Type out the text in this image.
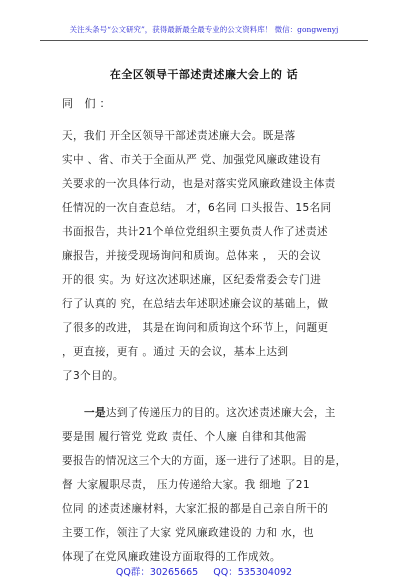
关注头条号“公文研究”，获得最新最全最专业的公文资料库！ 微信：gongwenyj
在全区领导干部述责述廉大会上的 话
同 们：
天，我们 开全区领导干部述责述廉大会。既是落
实中 、省、市关于全面从严 党、加强党风廉政建设有
关要求的一次具体行动，也是对落实党风廉政建设主体责
任情况的一次自查总结。 才，6名同 口头报告、15名同
书面报告，共计21个单位党组织主要负责人作了述责述
廉报告，并接受现场询问和质询。总体来 ， 天的会议
开的很 实。为 好这次述职述廉，区纪委常委会专门进
行了认真的 究，在总结去年述职述廉会议的基础上，做
了很多的改进， 其是在询问和质询这个环节上，问题更
，更直接，更有 。通过 天的会议，基本上达到
了3个目的。
一是达到了传递压力的目的。这次述责述廉大会，主
要是围 履行管党 党政 责任、个人廉 自律和其他需
要报告的情况这三个大的方面，逐一进行了述职。目的是，
督 大家履职尽责， 压力传递给大家。我 细地 了21
位同 的述责述廉材料，大家汇报的都是自己亲自所干的
主要工作，领注了大家 党风廉政建设的 力和 水，也
体现了在党风廉政建设方面取得的工作成效。
QQ群：30265665 QQ：535304092
